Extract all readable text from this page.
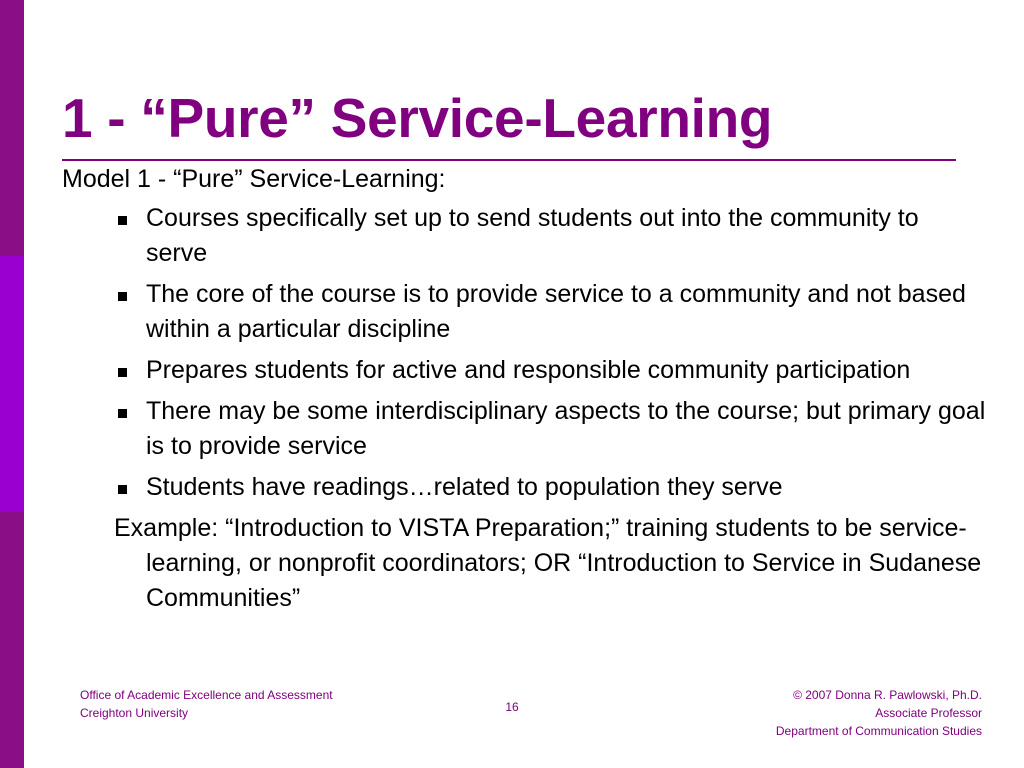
1 - “Pure” Service-Learning

Model 1 - “Pure” Service-Learning:

Courses specifically set up to send students out into the community to serve
The core of the course is to provide service to a community and not based within a particular discipline
Prepares students for active and responsible community participation
There may be some interdisciplinary aspects to the course; but primary goal is to provide service
Students have readings…related to population they serve

Example: “Introduction to VISTA Preparation;” training students to be service-learning, or nonprofit coordinators; OR “Introduction to Service in Sudanese Communities”

Office of Academic Excellence and Assessment
Creighton University	16
© 2007 Donna R. Pawlowski, Ph.D.
Associate Professor
Department of Communication Studies
